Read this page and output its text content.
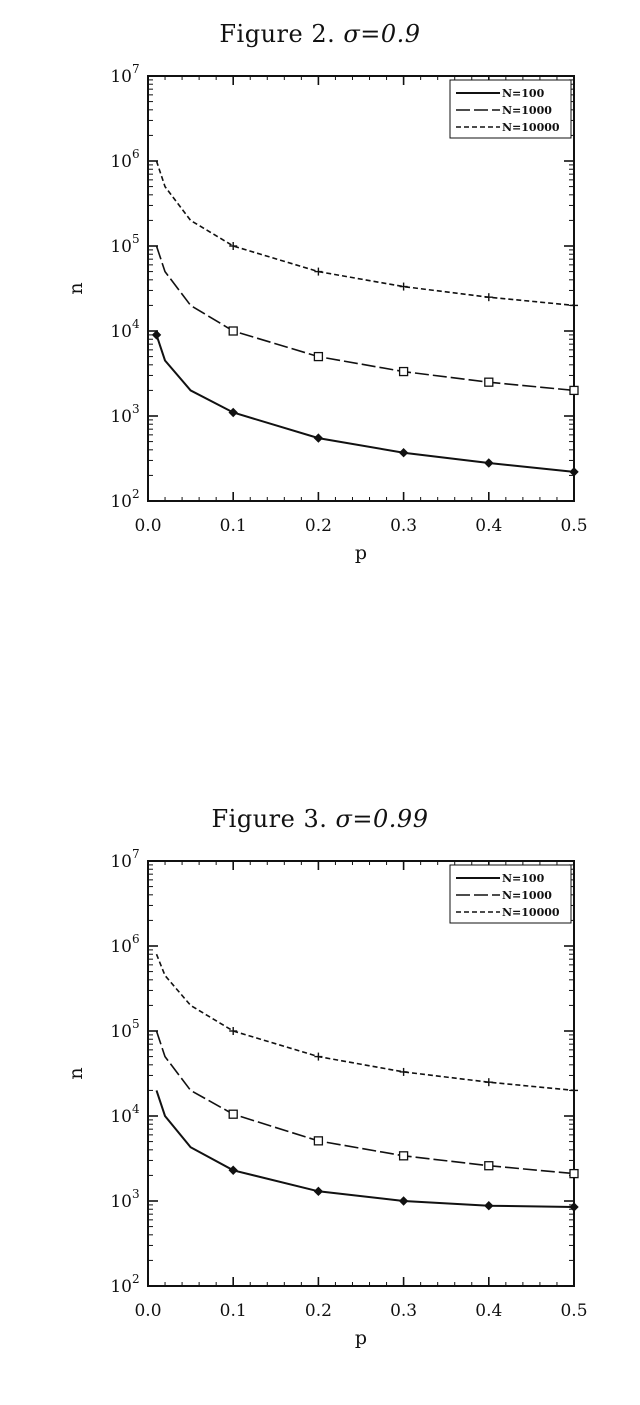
Figure 2. σ=0.9
0.0	0.1	0.2	0.3	0.4	0.5
10 2
10 3
10 4
10 5
10 6
10 7
p
n
N=100
N=1000
N=10000
Figure 3. σ=0.99
0.0	0.1	0.2	0.3	0.4	0.5
10 2
10 3
10 4
10 5
10 6
10 7
p
n
N=100
N=1000
N=10000
